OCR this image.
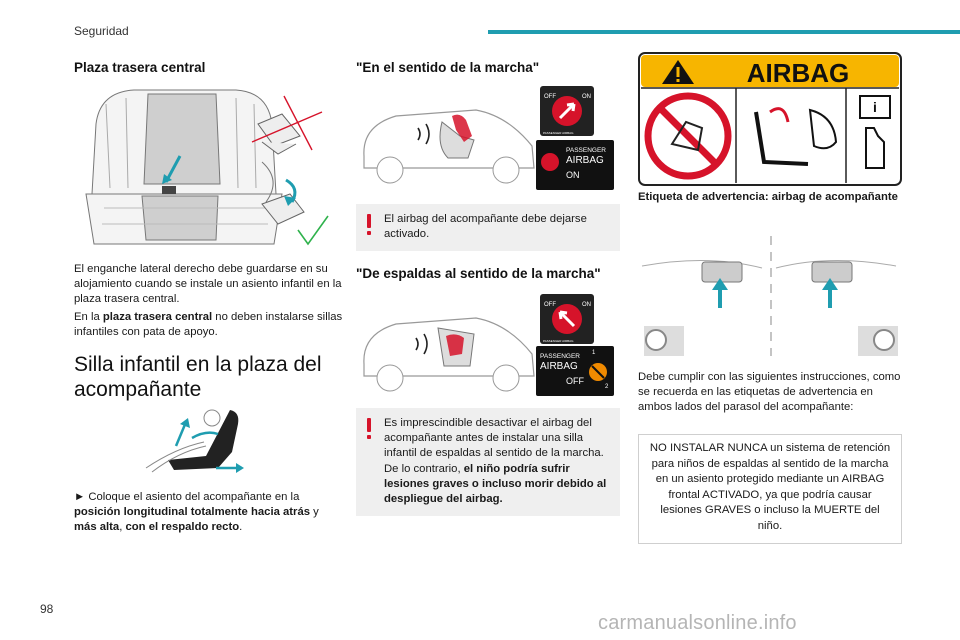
Seguridad
98
carmanualsonline.info
Plaza trasera central
El enganche lateral derecho debe guardarse en su alojamiento cuando se instale un asiento infantil en la plaza trasera central.
En la plaza trasera central no deben instalarse sillas infantiles con pata de apoyo.
Silla infantil en la plaza del acompañante
► Coloque el asiento del acompañante en la posición longitudinal totalmente hacia atrás y más alta, con el respaldo recto.
"En el sentido de la marcha"
OFF	ON
PASSENGER AIRBAG
PASSENGER
AIRBAG
ON
El airbag del acompañante debe dejarse activado.
"De espaldas al sentido de la marcha"
OFF	ON
PASSENGER AIRBAG
PASSENGER
AIRBAG
OFF
1
2
Es imprescindible desactivar el airbag del acompañante antes de instalar una silla infantil de espaldas al sentido de la marcha. De lo contrario, el niño podría sufrir lesiones graves o incluso morir debido al despliegue del airbag.
AIRBAG
i
Etiqueta de advertencia: airbag de acompañante
Debe cumplir con las siguientes instrucciones, como se recuerda en las etiquetas de advertencia en ambos lados del parasol del acompañante:
NO INSTALAR NUNCA un sistema de retención para niños de espaldas al sentido de la marcha en un asiento protegido mediante un AIRBAG frontal ACTIVADO, ya que podría causar lesiones GRAVES o incluso la MUERTE del niño.
